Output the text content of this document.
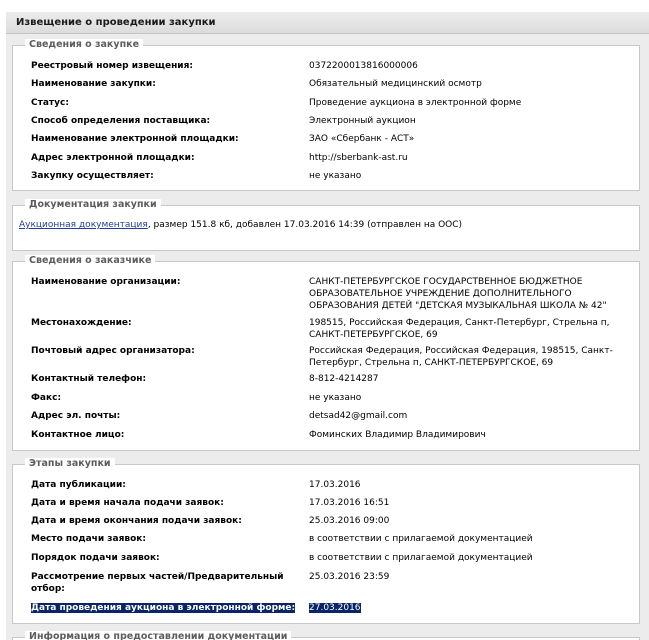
Извещение о проведении закупки
Сведения о закупке
Реестровый номер извещения:	0372200013816000006
Наименование закупки:	Обязательный медицинский осмотр
Статус:	Проведение аукциона в электронной форме
Способ определения поставщика:	Электронный аукцион
Наименование электронной площадки:	ЗАО «Сбербанк - АСТ»
Адрес электронной площадки:	http://sberbank-ast.ru
Закупку осуществляет:	не указано
Документация закупки
Аукционная документация, размер 151.8 кб, добавлен 17.03.2016 14:39 (отправлен на ООС)
Сведения о заказчике
Наименование организации:	САНКТ-ПЕТЕРБУРГСКОЕ ГОСУДАРСТВЕННОЕ БЮДЖЕТНОЕ ОБРАЗОВАТЕЛЬНОЕ УЧРЕЖДЕНИЕ ДОПОЛНИТЕЛЬНОГО ОБРАЗОВАНИЯ ДЕТЕЙ "ДЕТСКАЯ МУЗЫКАЛЬНАЯ ШКОЛА № 42"
Местонахождение:	198515, Российская Федерация, Санкт-Петербург, Стрельна п, САНКТ-ПЕТЕРБУРГСКОЕ, 69
Почтовый адрес организатора:	Российская Федерация, Российская Федерация, 198515, Санкт-Петербург, Стрельна п, САНКТ-ПЕТЕРБУРГСКОЕ, 69
Контактный телефон:	8-812-4214287
Факс:	не указано
Адрес эл. почты:	detsad42@gmail.com
Контактное лицо:	Фоминских Владимир Владимирович
Этапы закупки
Дата публикации:	17.03.2016
Дата и время начала подачи заявок:	17.03.2016 16:51
Дата и время окончания подачи заявок:	25.03.2016 09:00
Место подачи заявок:	в соответствии с прилагаемой документацией
Порядок подачи заявок:	в соответствии с прилагаемой документацией
Рассмотрение первых частей/Предварительный отбор:
25.03.2016 23:59
Дата проведения аукциона в электронной форме: 27.03.2016
Информация о предоставлении документации
